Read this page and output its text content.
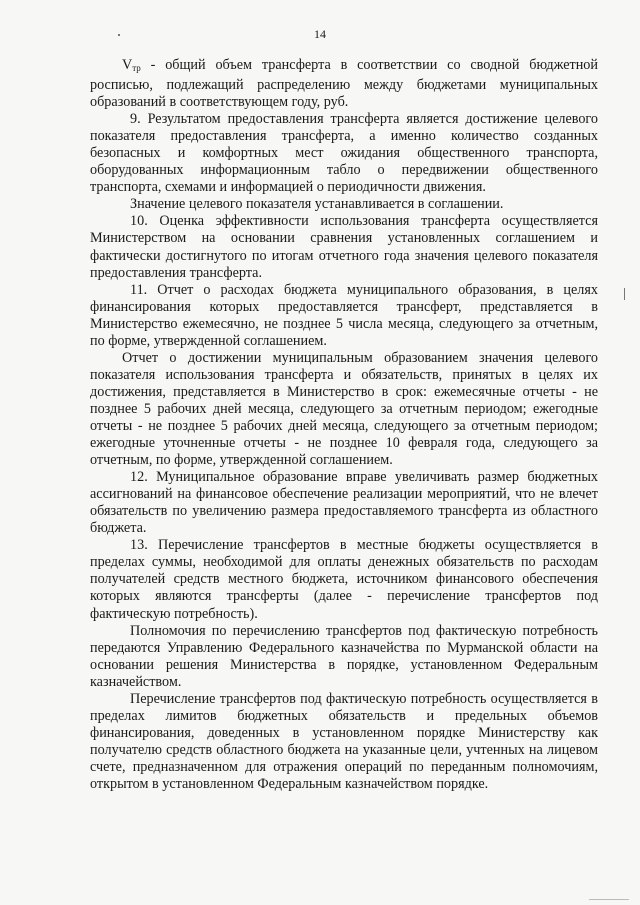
14

$V_{тр}$ - общий объем трансферта в соответствии со сводной бюджетной росписью, подлежащий распределению между бюджетами муниципальных образований в соответствующем году, руб.

9. Результатом предоставления трансферта является достижение целевого показателя предоставления трансферта, а именно количество созданных безопасных и комфортных мест ожидания общественного транспорта, оборудованных информационным табло о передвижении общественного транспорта, схемами и информацией о периодичности движения.

Значение целевого показателя устанавливается в соглашении.

10. Оценка эффективности использования трансферта осуществляется Министерством на основании сравнения установленных соглашением и фактически достигнутого по итогам отчетного года значения целевого показателя предоставления трансферта.

11. Отчет о расходах бюджета муниципального образования, в целях финансирования которых предоставляется трансферт, представляется в Министерство ежемесячно, не позднее 5 числа месяца, следующего за отчетным, по форме, утвержденной соглашением.

Отчет о достижении муниципальным образованием значения целевого показателя использования трансферта и обязательств, принятых в целях их достижения, представляется в Министерство в срок: ежемесячные отчеты - не позднее 5 рабочих дней месяца, следующего за отчетным периодом; ежегодные отчеты - не позднее 5 рабочих дней месяца, следующего за отчетным периодом; ежегодные уточненные отчеты - не позднее 10 февраля года, следующего за отчетным, по форме, утвержденной соглашением.

12. Муниципальное образование вправе увеличивать размер бюджетных ассигнований на финансовое обеспечение реализации мероприятий, что не влечет обязательств по увеличению размера предоставляемого трансферта из областного бюджета.

13. Перечисление трансфертов в местные бюджеты осуществляется в пределах суммы, необходимой для оплаты денежных обязательств по расходам получателей средств местного бюджета, источником финансового обеспечения которых являются трансферты (далее - перечисление трансфертов под фактическую потребность).

Полномочия по перечислению трансфертов под фактическую потребность передаются Управлению Федерального казначейства по Мурманской области на основании решения Министерства в порядке, установленном Федеральным казначейством.

Перечисление трансфертов под фактическую потребность осуществляется в пределах лимитов бюджетных обязательств и предельных объемов финансирования, доведенных в установленном порядке Министерству как получателю средств областного бюджета на указанные цели, учтенных на лицевом счете, предназначенном для отражения операций по переданным полномочиям, открытом в установленном Федеральным казначейством порядке.
